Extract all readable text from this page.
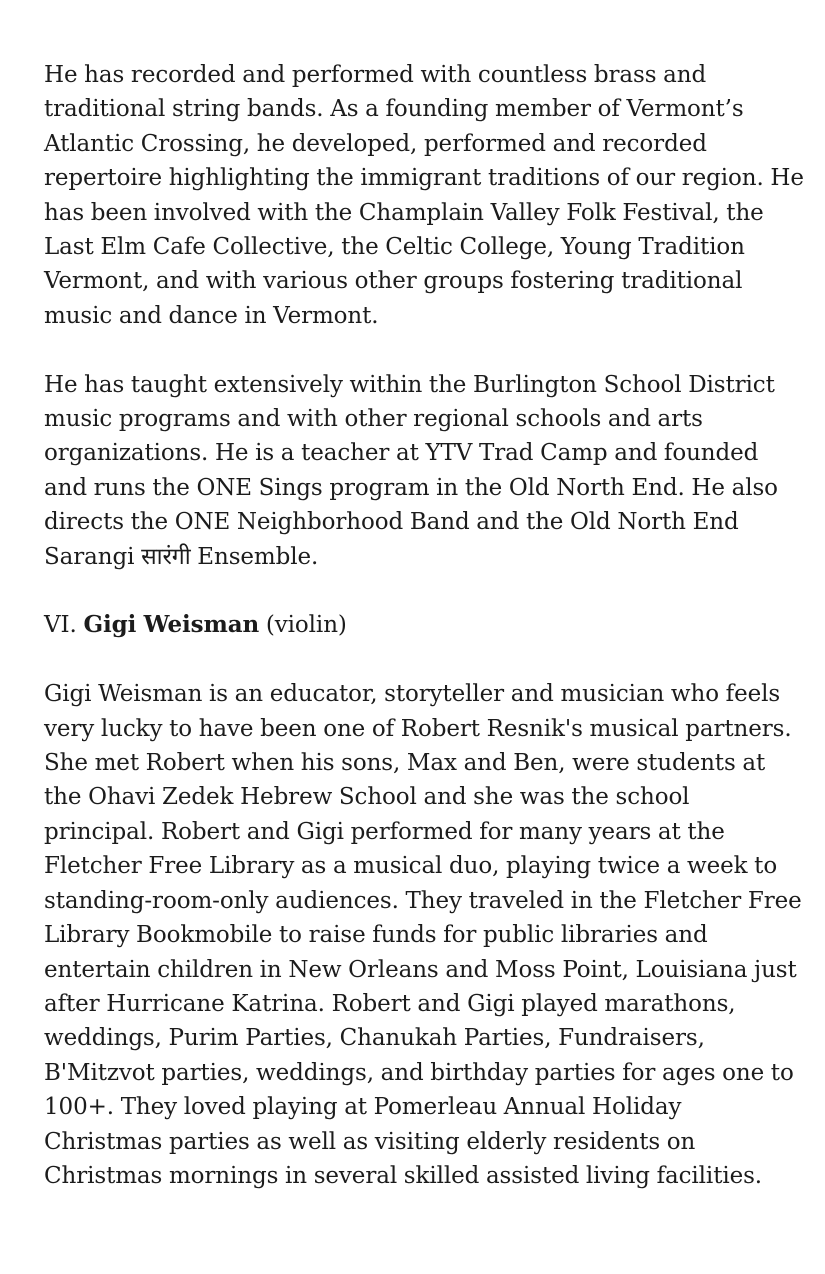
He has recorded and performed with countless brass and traditional string bands. As a founding member of Vermont’s Atlantic Crossing, he developed, performed and recorded repertoire highlighting the immigrant traditions of our region. He has been involved with the Champlain Valley Folk Festival, the Last Elm Cafe Collective, the Celtic College, Young Tradition Vermont, and with various other groups fostering traditional music and dance in Vermont.

He has taught extensively within the Burlington School District music programs and with other regional schools and arts organizations. He is a teacher at YTV Trad Camp and founded and runs the ONE Sings program in the Old North End. He also directs the ONE Neighborhood Band and the Old North End Sarangi सारंगी Ensemble.

VI. Gigi Weisman (violin)

Gigi Weisman is an educator, storyteller and musician who feels very lucky to have been one of Robert Resnik's musical partners. She met Robert when his sons, Max and Ben, were students at the Ohavi Zedek Hebrew School and she was the school principal. Robert and Gigi performed for many years at the Fletcher Free Library as a musical duo, playing twice a week to standing-room-only audiences. They traveled in the Fletcher Free Library Bookmobile to raise funds for public libraries and entertain children in New Orleans and Moss Point, Louisiana just after Hurricane Katrina. Robert and Gigi played marathons, weddings, Purim Parties, Chanukah Parties, Fundraisers, B'Mitzvot parties, weddings, and birthday parties for ages one to 100+. They loved playing at Pomerleau Annual Holiday Christmas parties as well as visiting elderly residents on Christmas mornings in several skilled assisted living facilities.
